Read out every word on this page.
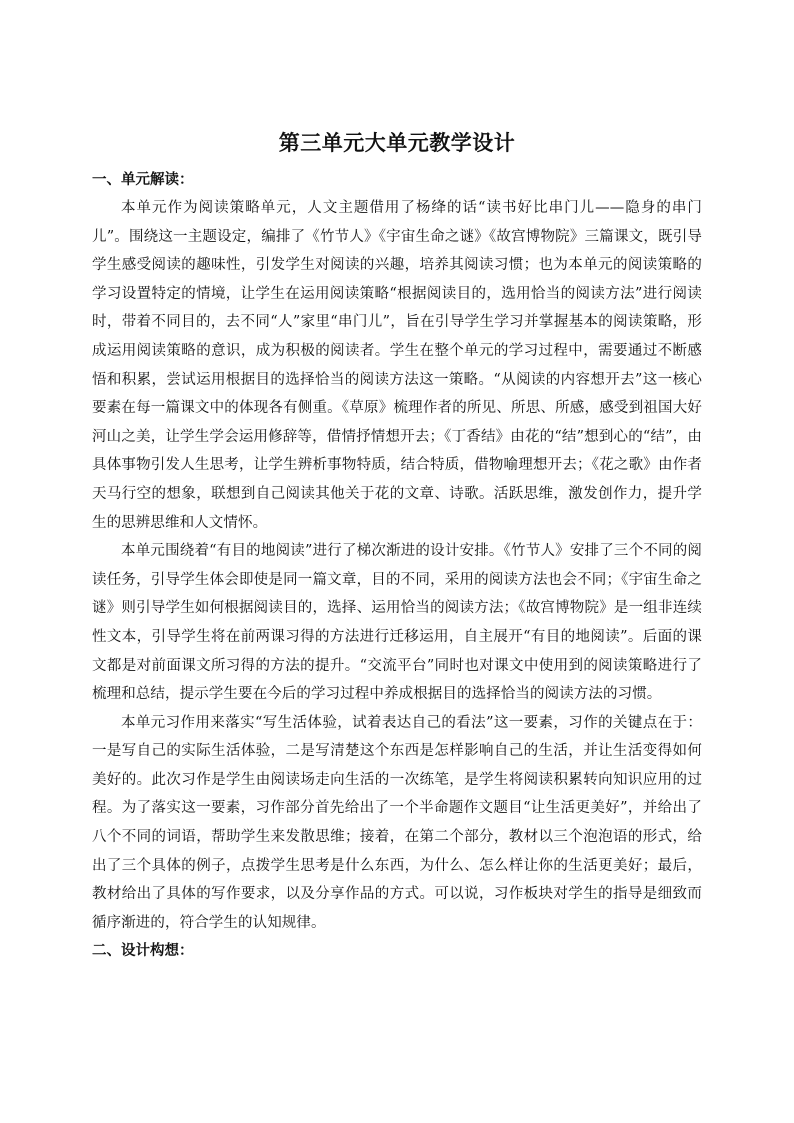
第三单元大单元教学设计

一、单元解读：

本单元作为阅读策略单元，人文主题借用了杨绛的话“读书好比串门儿——隐身的串门儿”。围绕这一主题设定，编排了《竹节人》《宇宙生命之谜》《故宫博物院》三篇课文，既引导学生感受阅读的趣味性，引发学生对阅读的兴趣，培养其阅读习惯；也为本单元的阅读策略的学习设置特定的情境，让学生在运用阅读策略“根据阅读目的，选用恰当的阅读方法”进行阅读时，带着不同目的，去不同“人”家里“串门儿”，旨在引导学生学习并掌握基本的阅读策略，形成运用阅读策略的意识，成为积极的阅读者。学生在整个单元的学习过程中，需要通过不断感悟和积累，尝试运用根据目的选择恰当的阅读方法这一策略。“从阅读的内容想开去”这一核心要素在每一篇课文中的体现各有侧重。《草原》梳理作者的所见、所思、所感，感受到祖国大好河山之美，让学生学会运用修辞等，借情抒情想开去；《丁香结》由花的“结”想到心的“结”，由具体事物引发人生思考，让学生辨析事物特质，结合特质，借物喻理想开去；《花之歌》由作者天马行空的想象，联想到自己阅读其他关于花的文章、诗歌。活跃思维，激发创作力，提升学生的思辨思维和人文情怀。

本单元围绕着“有目的地阅读”进行了梯次渐进的设计安排。《竹节人》安排了三个不同的阅读任务，引导学生体会即使是同一篇文章，目的不同，采用的阅读方法也会不同；《宇宙生命之谜》则引导学生如何根据阅读目的，选择、运用恰当的阅读方法；《故宫博物院》是一组非连续性文本，引导学生将在前两课习得的方法进行迁移运用，自主展开“有目的地阅读”。后面的课文都是对前面课文所习得的方法的提升。“交流平台”同时也对课文中使用到的阅读策略进行了梳理和总结，提示学生要在今后的学习过程中养成根据目的选择恰当的阅读方法的习惯。

本单元习作用来落实“写生活体验，试着表达自己的看法”这一要素，习作的关键点在于：一是写自己的实际生活体验，二是写清楚这个东西是怎样影响自己的生活，并让生活变得如何美好的。此次习作是学生由阅读场走向生活的一次练笔，是学生将阅读积累转向知识应用的过程。为了落实这一要素，习作部分首先给出了一个半命题作文题目“让生活更美好”，并给出了八个不同的词语，帮助学生来发散思维；接着，在第二个部分，教材以三个泡泡语的形式，给出了三个具体的例子，点拨学生思考是什么东西，为什么、怎么样让你的生活更美好；最后，教材给出了具体的写作要求，以及分享作品的方式。可以说，习作板块对学生的指导是细致而循序渐进的，符合学生的认知规律。

二、设计构想：
